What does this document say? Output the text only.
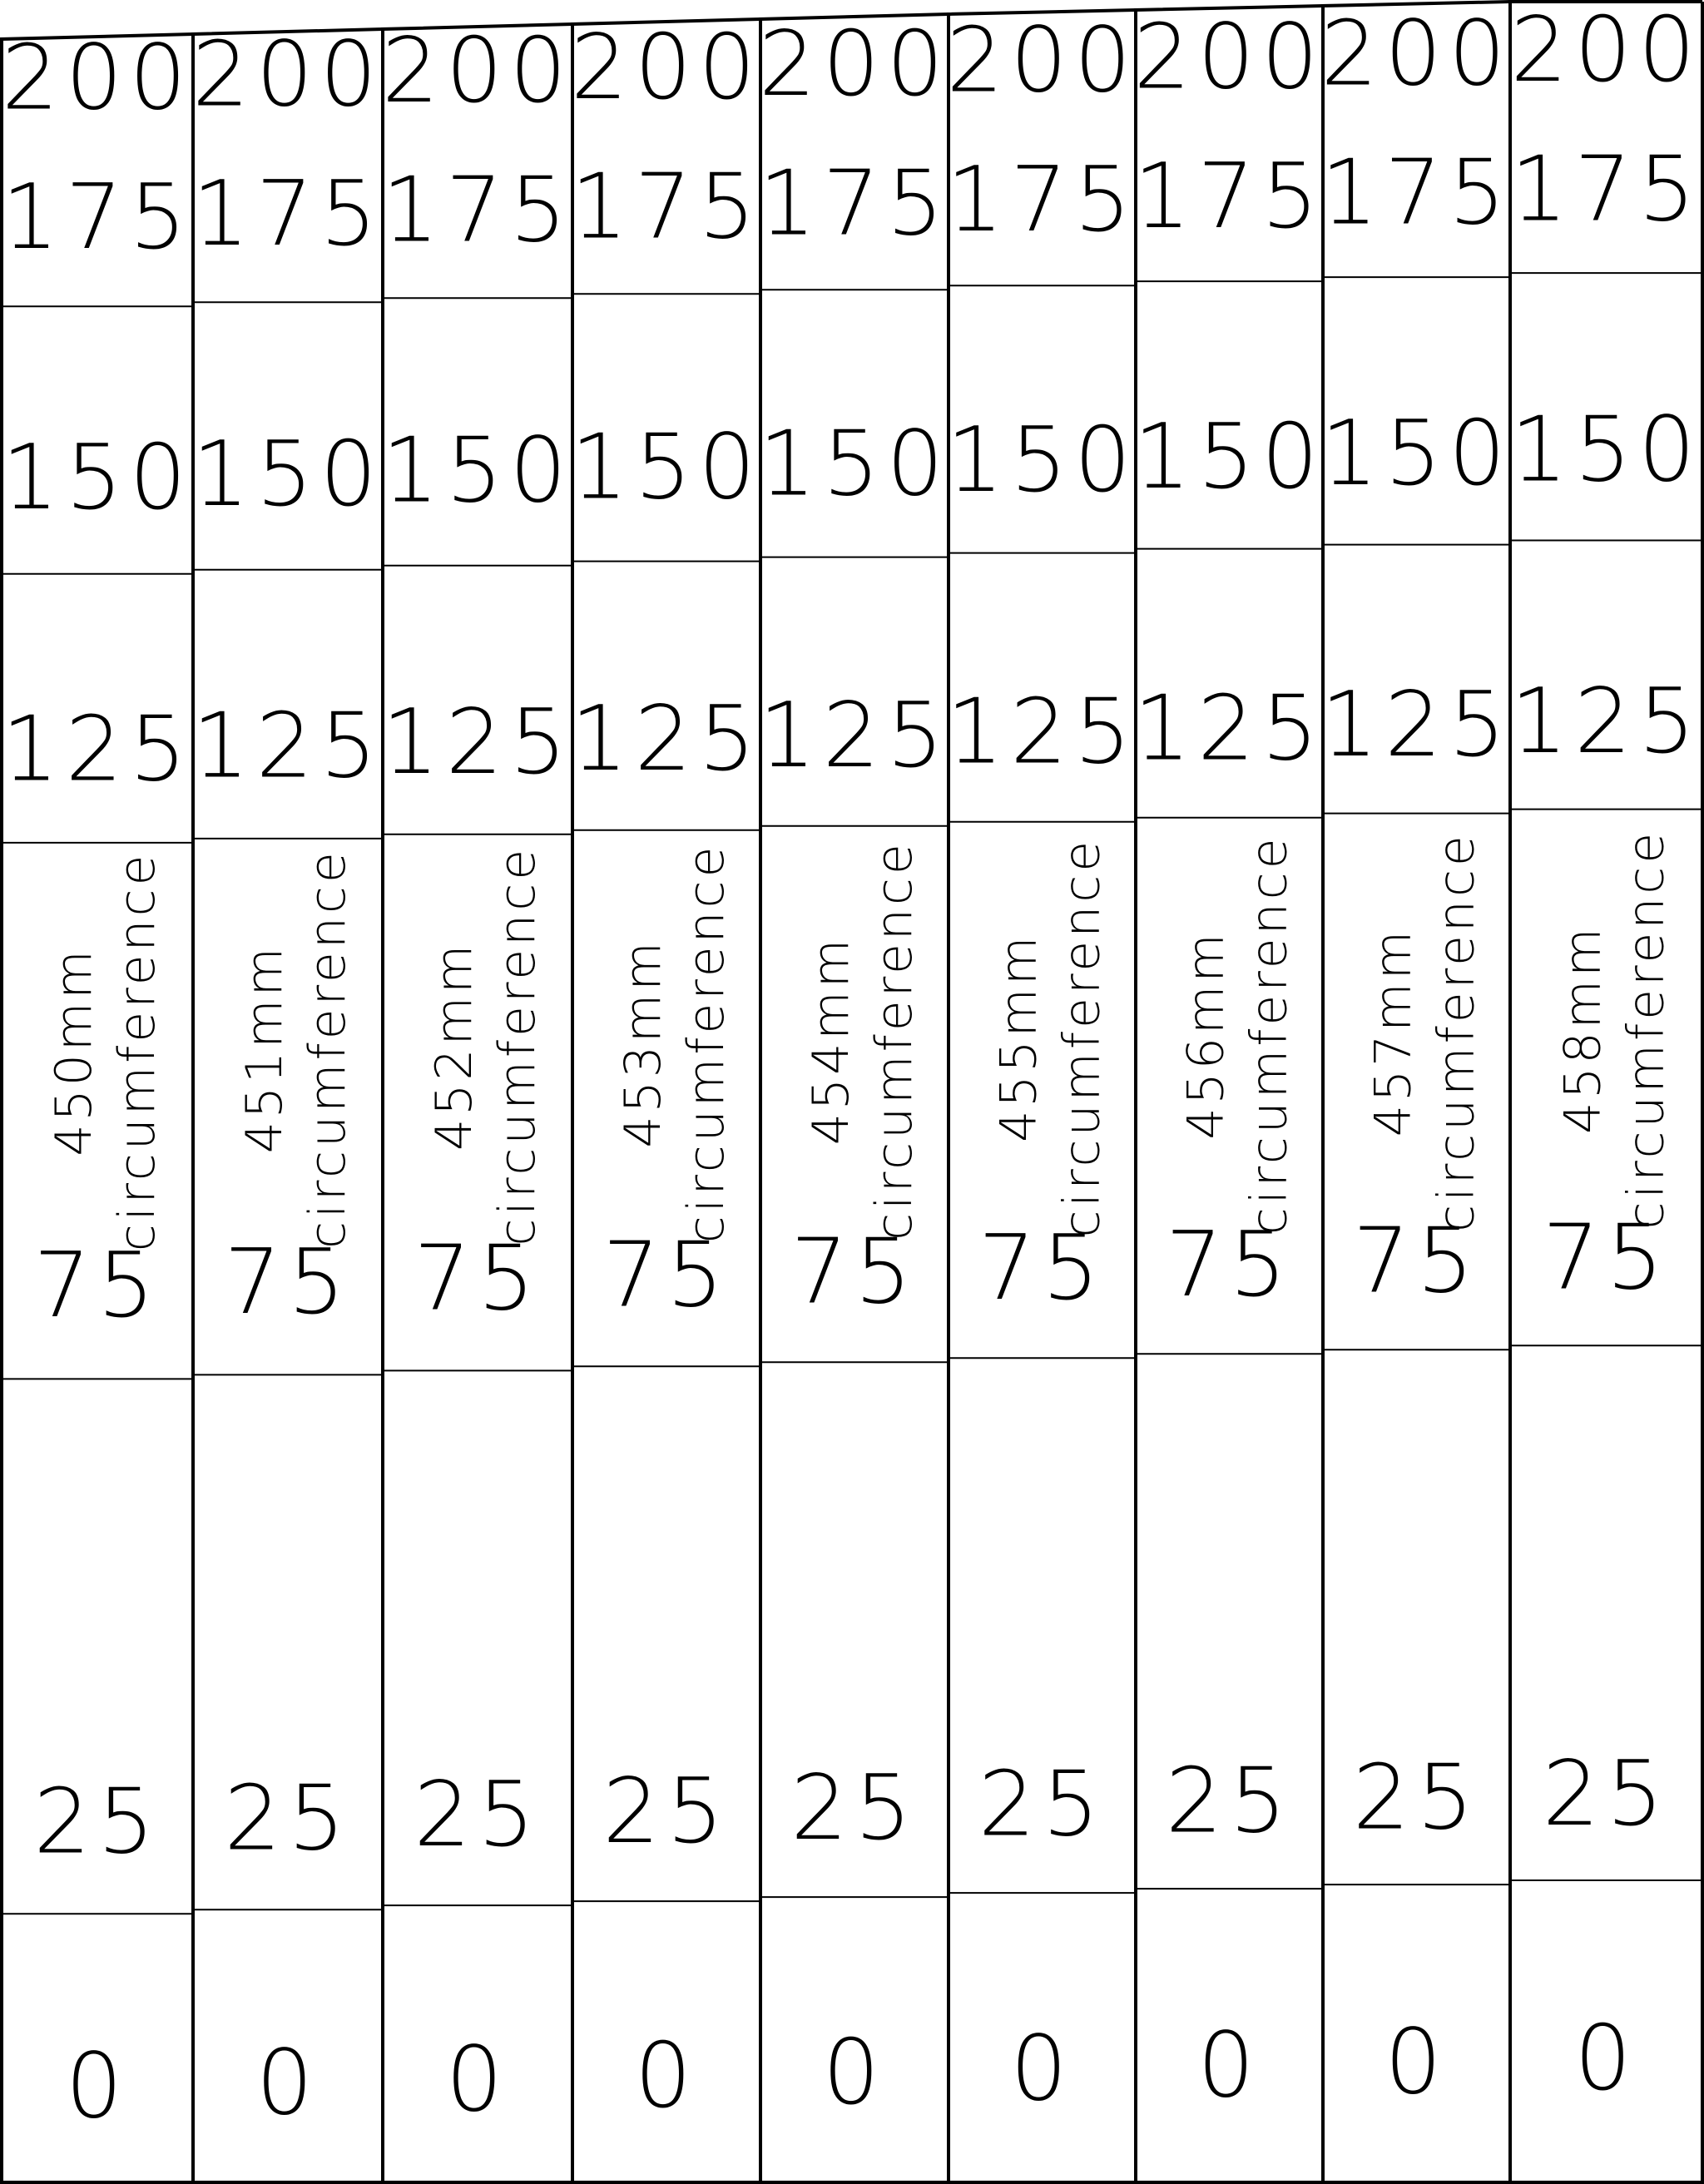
200
175
150
125
75
25
0
450mm circumference
200
175
150
125
75
25
0
451mm circumference
200
175
150
125
75
25
0
452mm circumference
200
175
150
125
75
25
0
453mm circumference
200
175
150
125
75
25
0
454mm circumference
200
175
150
125
75
25
0
455mm circumference
200
175
150
125
75
25
0
456mm circumference
200
175
150
125
75
25
0
457mm circumference
200
175
150
125
75
25
0
458mm circumference
